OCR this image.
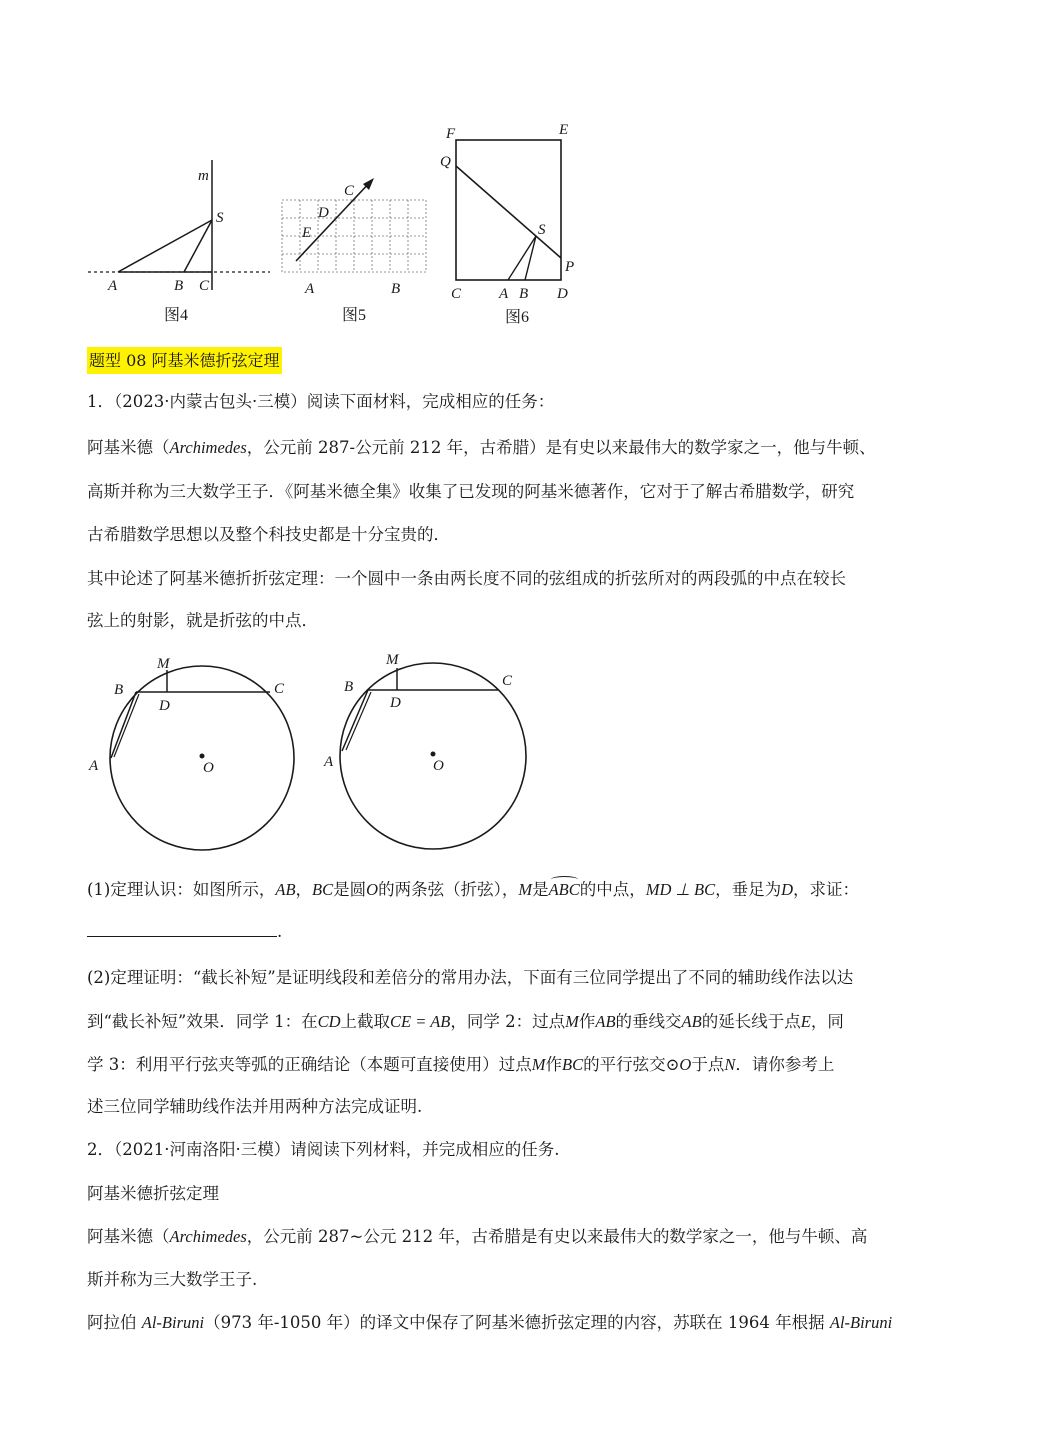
m
S
A	B C
图4
C
D
E
A	B
图5
F	E
Q
S
P
C	A B D
图6
题型 08 阿基米德折弦定理
1．（2023·内蒙古包头·三模）阅读下面材料，完成相应的任务：
阿基米德（Archimedes，公元前 287-公元前 212 年，古希腊）是有史以来最伟大的数学家之一，他与牛顿、
高斯并称为三大数学王子．《阿基米德全集》收集了已发现的阿基米德著作，它对于了解古希腊数学，研究
古希腊数学思想以及整个科技史都是十分宝贵的．
其中论述了阿基米德折折弦定理：一个圆中一条由两长度不同的弦组成的折弦所对的两段弧的中点在较长
弦上的射影，就是折弦的中点．
M
B	C
D
A	O
M
B	C
D
A	O
(1)定理认识：如图所示，AB，BC是圆O的两条弦（折弦），M是ABC的中点，MD ⊥ BC，垂足为D，求证：
.
(2)定理证明：“截长补短”是证明线段和差倍分的常用办法，下面有三位同学提出了不同的辅助线作法以达
到“截长补短”效果．同学 1：在CD上截取CE = AB，同学 2：过点M作AB的垂线交AB的延长线于点E，同
学 3：利用平行弦夹等弧的正确结论（本题可直接使用）过点M作BC的平行弦交⊙O于点N．请你参考上
述三位同学辅助线作法并用两种方法完成证明.
2．（2021·河南洛阳·三模）请阅读下列材料，并完成相应的任务.
阿基米德折弦定理
阿基米德（Archimedes，公元前 287~公元 212 年，古希腊是有史以来最伟大的数学家之一，他与牛顿、高
斯并称为三大数学王子.
阿拉伯 Al-Biruni（973 年-1050 年）的译文中保存了阿基米德折弦定理的内容，苏联在 1964 年根据 Al-Biruni
